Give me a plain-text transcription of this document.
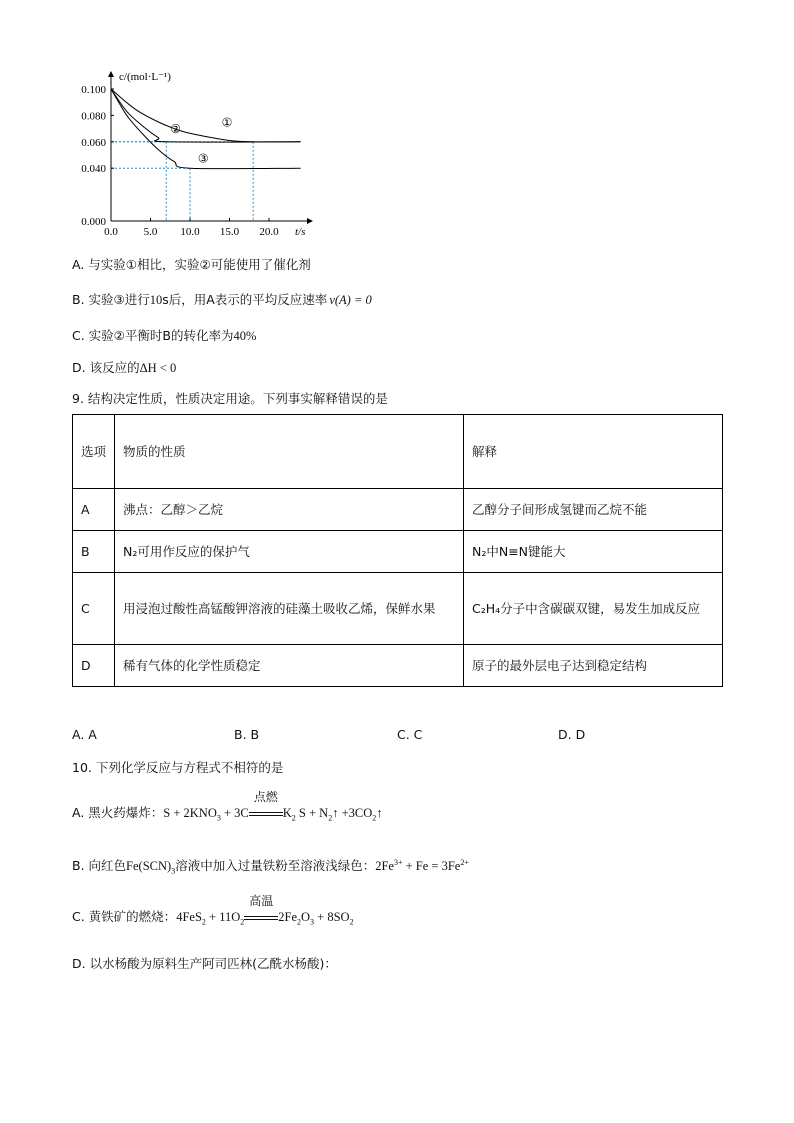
0.0 5.0 10.0 15.0 20.0
0.000
0.040
0.060
0.080
0.100
c/(mol·L⁻¹)
t/s
①
②
③
A. 与实验①相比，实验②可能使用了催化剂
B. 实验③进行10s后，用A表示的平均反应速率 v(A) = 0
C. 实验②平衡时B的转化率为40%
D. 该反应的ΔH < 0
9. 结构决定性质，性质决定用途。下列事实解释错误的是
选项	物质的性质	解释
A	沸点：乙醇＞乙烷	乙醇分子间形成氢键而乙烷不能
B	N₂可用作反应的保护气	N₂中N≡N键能大
C	用浸泡过酸性高锰酸钾溶液的硅藻土吸收乙烯，保鲜水果	C₂H₄分子中含碳碳双键，易发生加成反应
D	稀有气体的化学性质稳定	原子的最外层电子达到稳定结构
A. A	B. B	C. C	D. D
10. 下列化学反应与方程式不相符的是
A. 黑火药爆炸：$S + 2KNO_3 + 3C$
点燃
$K_2$ $S + N_2↑$ $+3CO_2↑$
B. 向红色$Fe(SCN)_3$溶液中加入过量铁粉至溶液浅绿色：$2Fe^{3+} + Fe = 3Fe^{2+}$
C. 黄铁矿的燃烧：$4FeS_2 + 11O_2$
高温
$2Fe_2O_3 + 8SO_2$
D. 以水杨酸为原料生产阿司匹林(乙酰水杨酸)：
